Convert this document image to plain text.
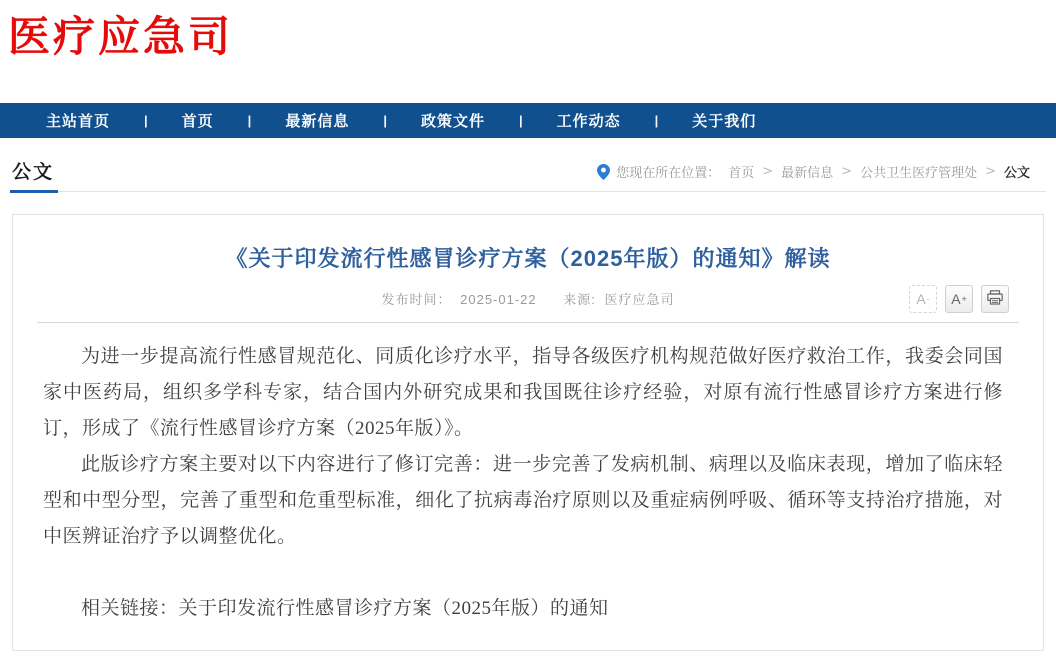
医疗应急司
主站首页	|	首页	|	最新信息	|	政策文件	|	工作动态	|	关于我们
公文	您现在所在位置： 首页 > 最新信息 > 公共卫生医疗管理处 > 公文
《关于印发流行性感冒诊疗方案（2025年版）的通知》解读
发布时间： 2025-01-22 来源: 医疗应急司	A - A +

为进一步提高流行性感冒规范化、同质化诊疗水平，指导各级医疗机构规范做好医疗救治工作，我委会同国家中医药局，组织多学科专家，结合国内外研究成果和我国既往诊疗经验，对原有流行性感冒诊疗方案进行修订，形成了《流行性感冒诊疗方案（2025年版）》。

此版诊疗方案主要对以下内容进行了修订完善：进一步完善了发病机制、病理以及临床表现，增加了临床轻型和中型分型，完善了重型和危重型标准，细化了抗病毒治疗原则以及重症病例呼吸、循环等支持治疗措施，对中医辨证治疗予以调整优化。

相关链接：关于印发流行性感冒诊疗方案（2025年版）的通知
